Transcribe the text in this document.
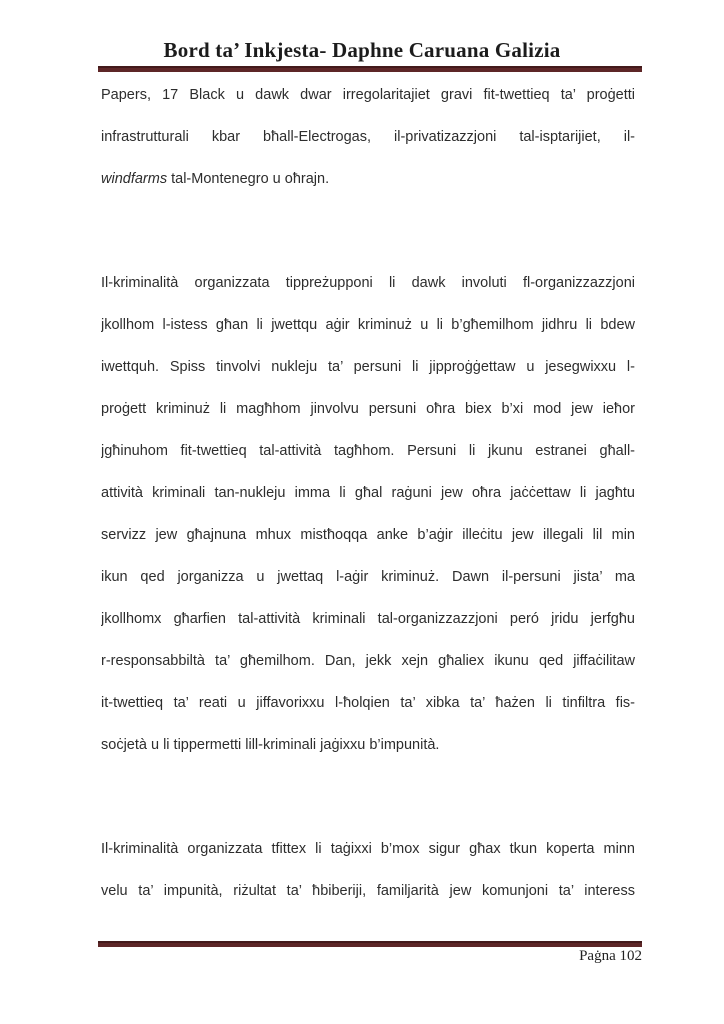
Bord ta’ Inkjesta- Daphne Caruana Galizia
Papers, 17 Black u dawk dwar irregolaritajiet gravi fit-twettieq ta’ proġetti
infrastrutturali kbar bħall-Electrogas, il-privatizazzjoni tal-isptarijiet, il-
windfarms tal-Montenegro u oħrajn.
Il-kriminalità organizzata tippreżupponi li dawk involuti fl-organizzazzjoni
jkollhom l-istess għan li jwettqu aġir kriminuż u li b’għemilhom jidhru li bdew
iwettquh. Spiss tinvolvi nukleju ta’ persuni li jipproġġettaw u jesegwixxu l-
proġett kriminuż li magħhom jinvolvu persuni oħra biex b’xi mod jew ieħor
jgħinuhom fit-twettieq tal-attività tagħhom. Persuni li jkunu estranei għall-
attività kriminali tan-nukleju imma li għal raġuni jew oħra jaċċettaw li jagħtu
servizz jew għajnuna mhux mistħoqqa anke b’aġir illeċitu jew illegali lil min
ikun qed jorganizza u jwettaq l-aġir kriminuż. Dawn il-persuni jista’ ma
jkollhomx għarfien tal-attività kriminali tal-organizzazzjoni peró jridu jerfgħu
r-responsabbiltà ta’ għemilhom. Dan, jekk xejn għaliex ikunu qed jiffaċilitaw
it-twettieq ta’ reati u jiffavorixxu l-ħolqien ta’ xibka ta’ ħażen li tinfiltra fis-
soċjetà u li tippermetti lill-kriminali jaġixxu b’impunità.
Il-kriminalità organizzata tfittex li taġixxi b’mox sigur għax tkun koperta minn
velu ta’ impunità, riżultat ta’ ħbiberiji, familjarità jew komunjoni ta’ interess
Paġna 102
